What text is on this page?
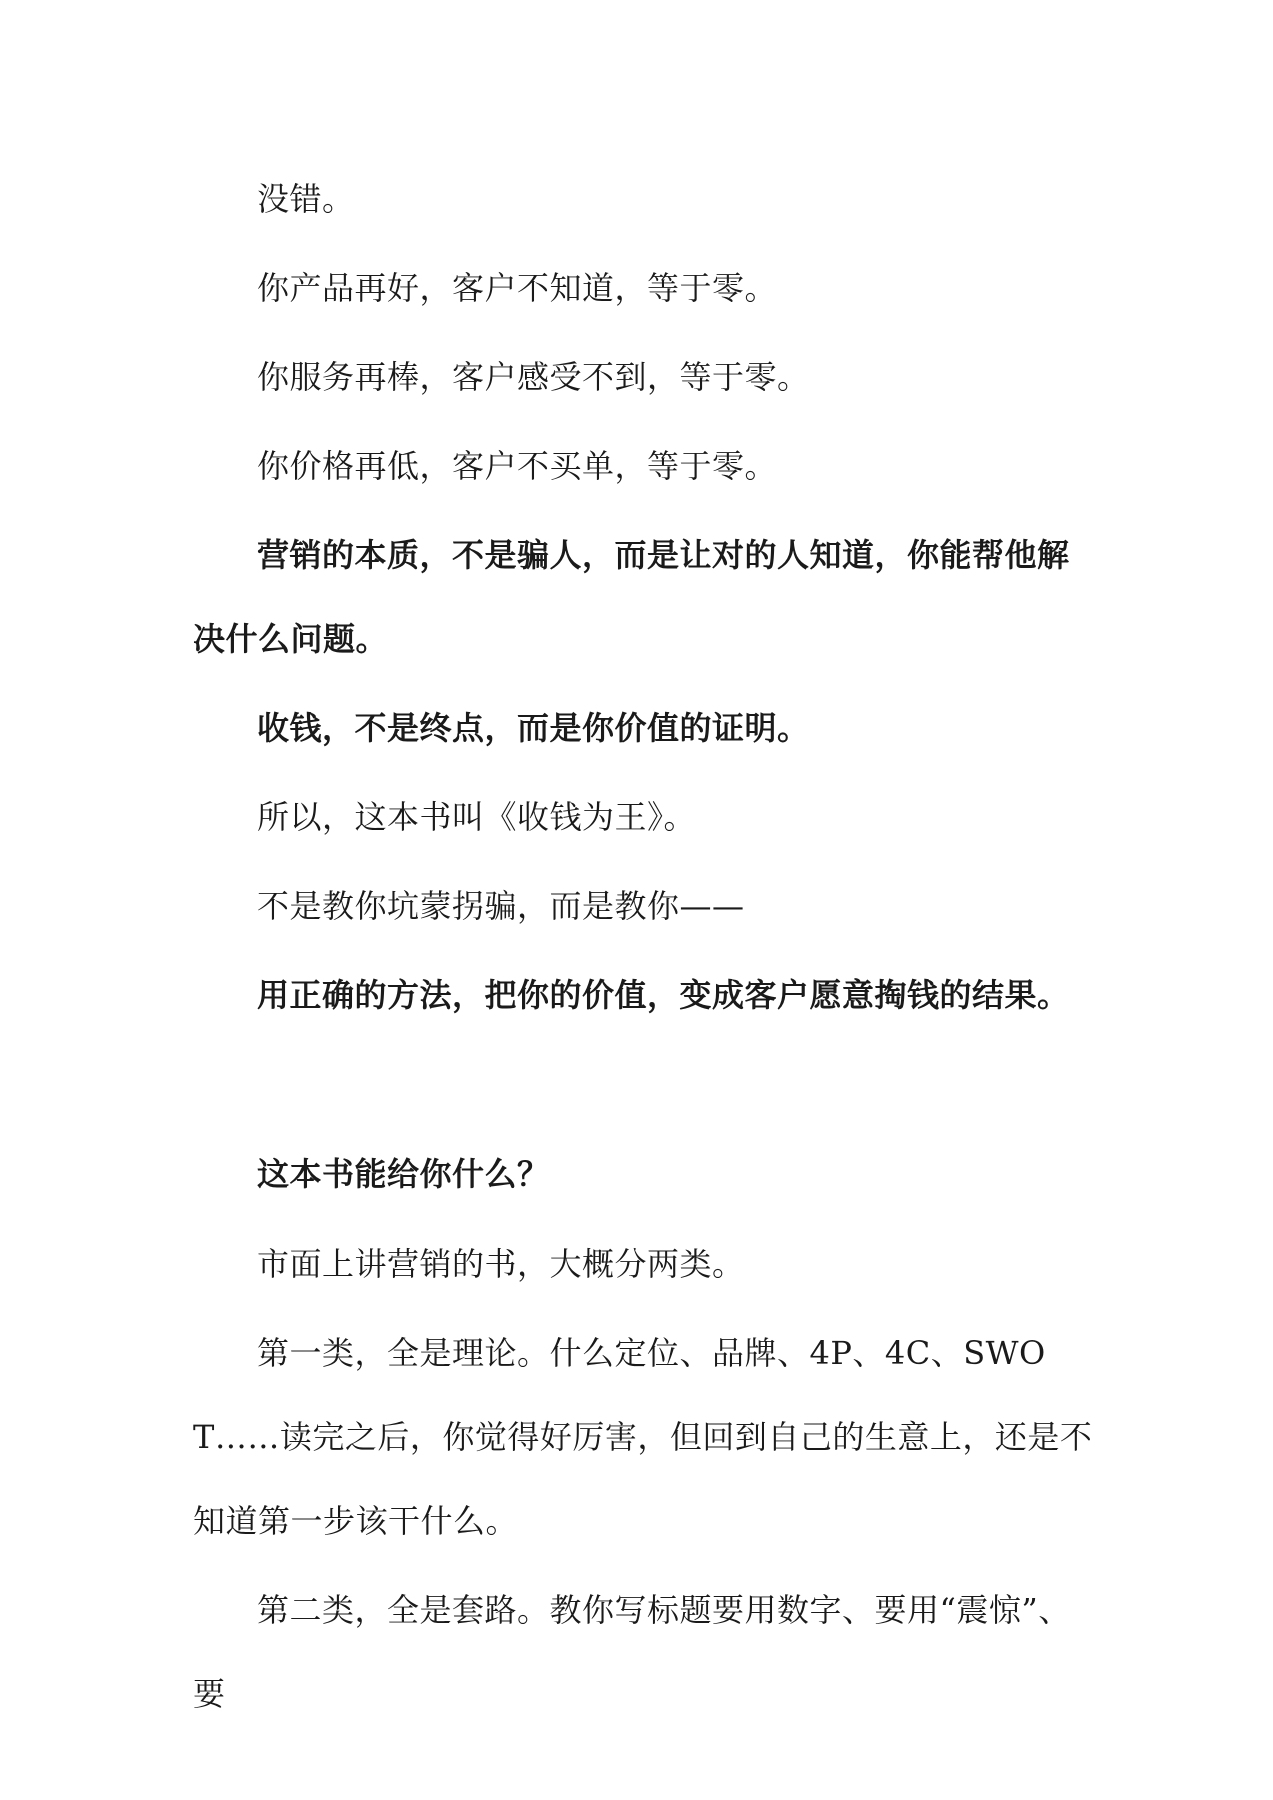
没错。

你产品再好，客户不知道，等于零。

你服务再棒，客户感受不到，等于零。

你价格再低，客户不买单，等于零。

营销的本质，不是骗人，而是让对的人知道，你能帮他解决什么问题。

收钱，不是终点，而是你价值的证明。

所以，这本书叫《收钱为王》。

不是教你坑蒙拐骗，而是教你——

用正确的方法，把你的价值，变成客户愿意掏钱的结果。

这本书能给你什么？

市面上讲营销的书，大概分两类。

第一类，全是理论。什么定位、品牌、4P、4C、SWOT……读完之后，你觉得好厉害，但回到自己的生意上，还是不知道第一步该干什么。

第二类，全是套路。教你写标题要用数字、要用“震惊”、要
